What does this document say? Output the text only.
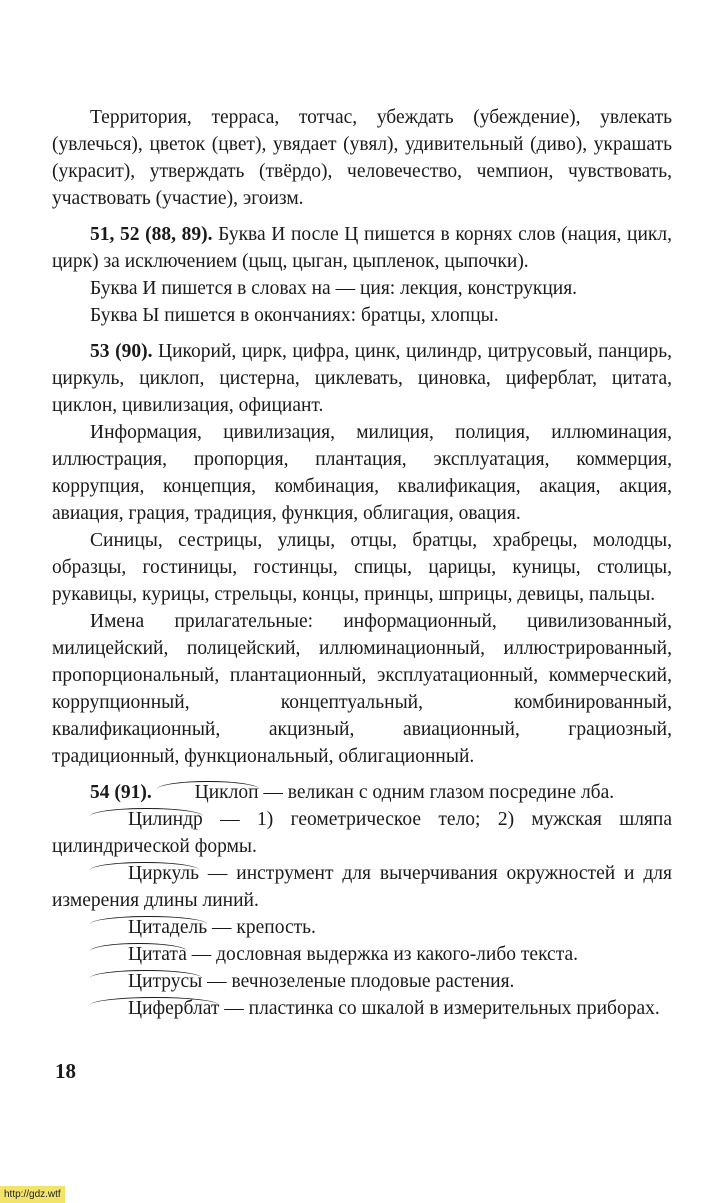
Территория, терраса, тотчас, убеждать (убеждение), увлекать (увлечься), цветок (цвет), увядает (увял), удивительный (диво), украшать (украсит), утверждать (твёрдо), человечество, чемпион, чувствовать, участвовать (участие), эгоизм.

51, 52 (88, 89). Буква И после Ц пишется в корнях слов (нация, цикл, цирк) за исключением (цыц, цыган, цыпленок, цыпочки).

Буква И пишется в словах на — ция: лекция, конструкция.

Буква Ы пишется в окончаниях: братцы, хлопцы.

53 (90). Цикорий, цирк, цифра, цинк, цилиндр, цитрусовый, панцирь, циркуль, циклоп, цистерна, циклевать, циновка, циферблат, цитата, циклон, цивилизация, официант.

Информация, цивилизация, милиция, полиция, иллюминация, иллюстрация, пропорция, плантация, эксплуатация, коммерция, коррупция, концепция, комбинация, квалификация, акация, акция, авиация, грация, традиция, функция, облигация, овация.

Синицы, сестрицы, улицы, отцы, братцы, храбрецы, молодцы, образцы, гостиницы, гостинцы, спицы, царицы, куницы, столицы, рукавицы, курицы, стрельцы, концы, принцы, шприцы, девицы, пальцы.

Имена прилагательные: информационный, цивилизованный, милицейский, полицейский, иллюминационный, иллюстрированный, пропорциональный, плантационный, эксплуатационный, коммерческий, коррупционный, концептуальный, комбинированный, квалификационный, акцизный, авиационный, грациозный, традиционный, функциональный, облигационный.

54 (91). Циклоп — великан с одним глазом посредине лба.

Цилиндр — 1) геометрическое тело; 2) мужская шляпа цилиндрической формы.

Циркуль — инструмент для вычерчивания окружностей и для измерения длины линий.

Цитадель — крепость.

Цитата — дословная выдержка из какого-либо текста.

Цитрусы — вечнозеленые плодовые растения.

Циферблат — пластинка со шкалой в измерительных приборах.

18
http://gdz.wtf
